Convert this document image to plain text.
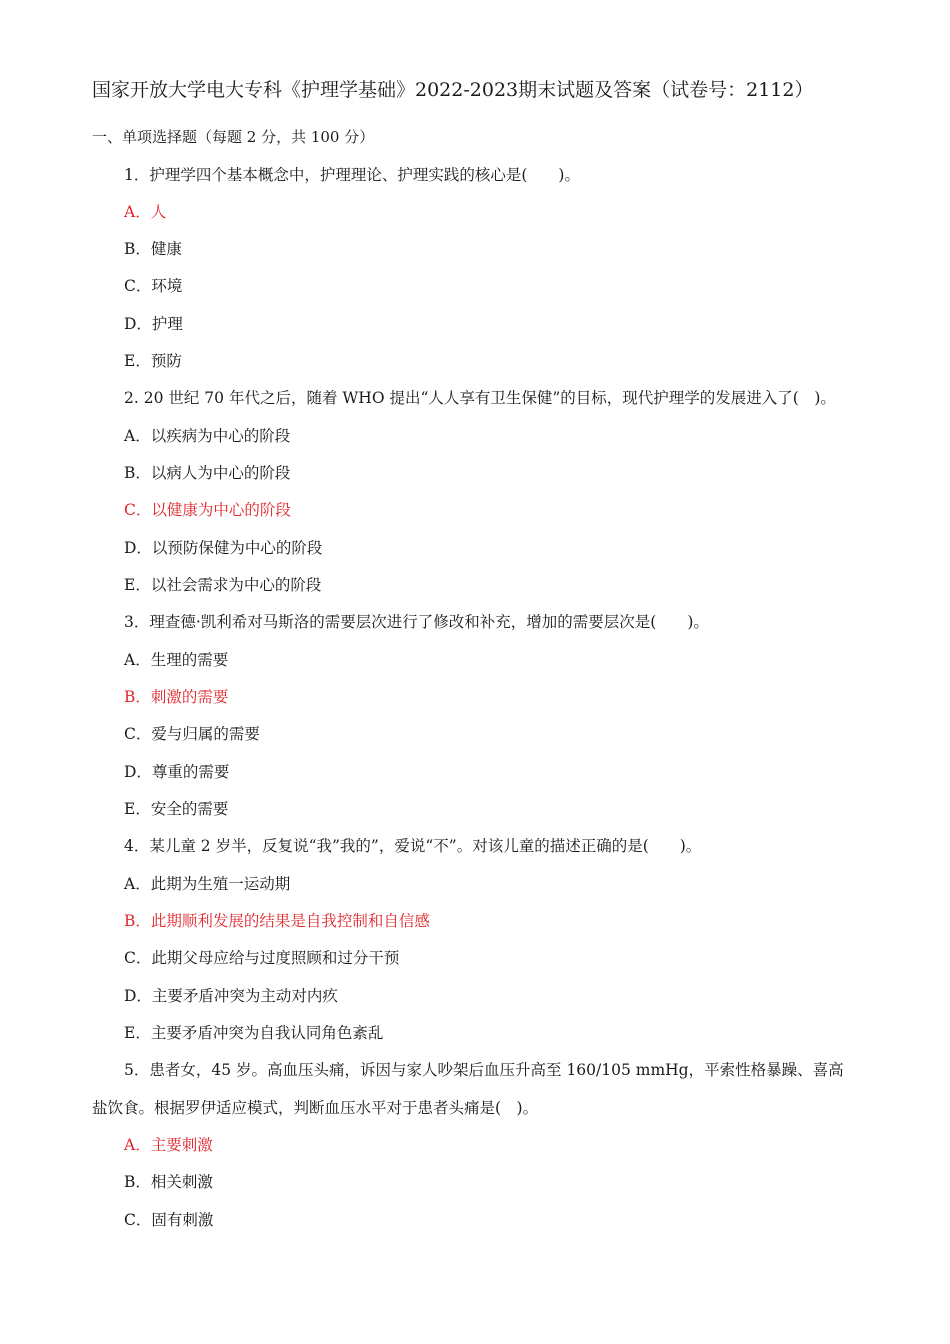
国家开放大学电大专科《护理学基础》2022-2023期末试题及答案（试卷号：2112）
一、单项选择题（每题 2 分，共 100 分）
1．护理学四个基本概念中，护理理论、护理实践的核心是(　　)。
A．人
B．健康
C．环境
D．护理
E．预防
2. 20 世纪 70 年代之后，随着 WHO 提出“人人享有卫生保健”的目标，现代护理学的发展进入了(　)。
A．以疾病为中心的阶段
B．以病人为中心的阶段
C．以健康为中心的阶段
D．以预防保健为中心的阶段
E．以社会需求为中心的阶段
3．理查德·凯利希对马斯洛的需要层次进行了修改和补充，增加的需要层次是(　　)。
A．生理的需要
B．刺激的需要
C．爱与归属的需要
D．尊重的需要
E．安全的需要
4．某儿童 2 岁半，反复说“我”我的”，爱说“不”。对该儿童的描述正确的是(　　)。
A．此期为生殖一运动期
B．此期顺利发展的结果是自我控制和自信感
C．此期父母应给与过度照顾和过分干预
D．主要矛盾冲突为主动对内疚
E．主要矛盾冲突为自我认同角色紊乱
5．患者女，45 岁。高血压头痛，诉因与家人吵架后血压升高至 160/105 mmHg，平索性格暴躁、喜高
盐饮食。根据罗伊适应模式，判断血压水平对于患者头痛是(　)。
A．主要刺激
B．相关刺激
C．固有刺激
